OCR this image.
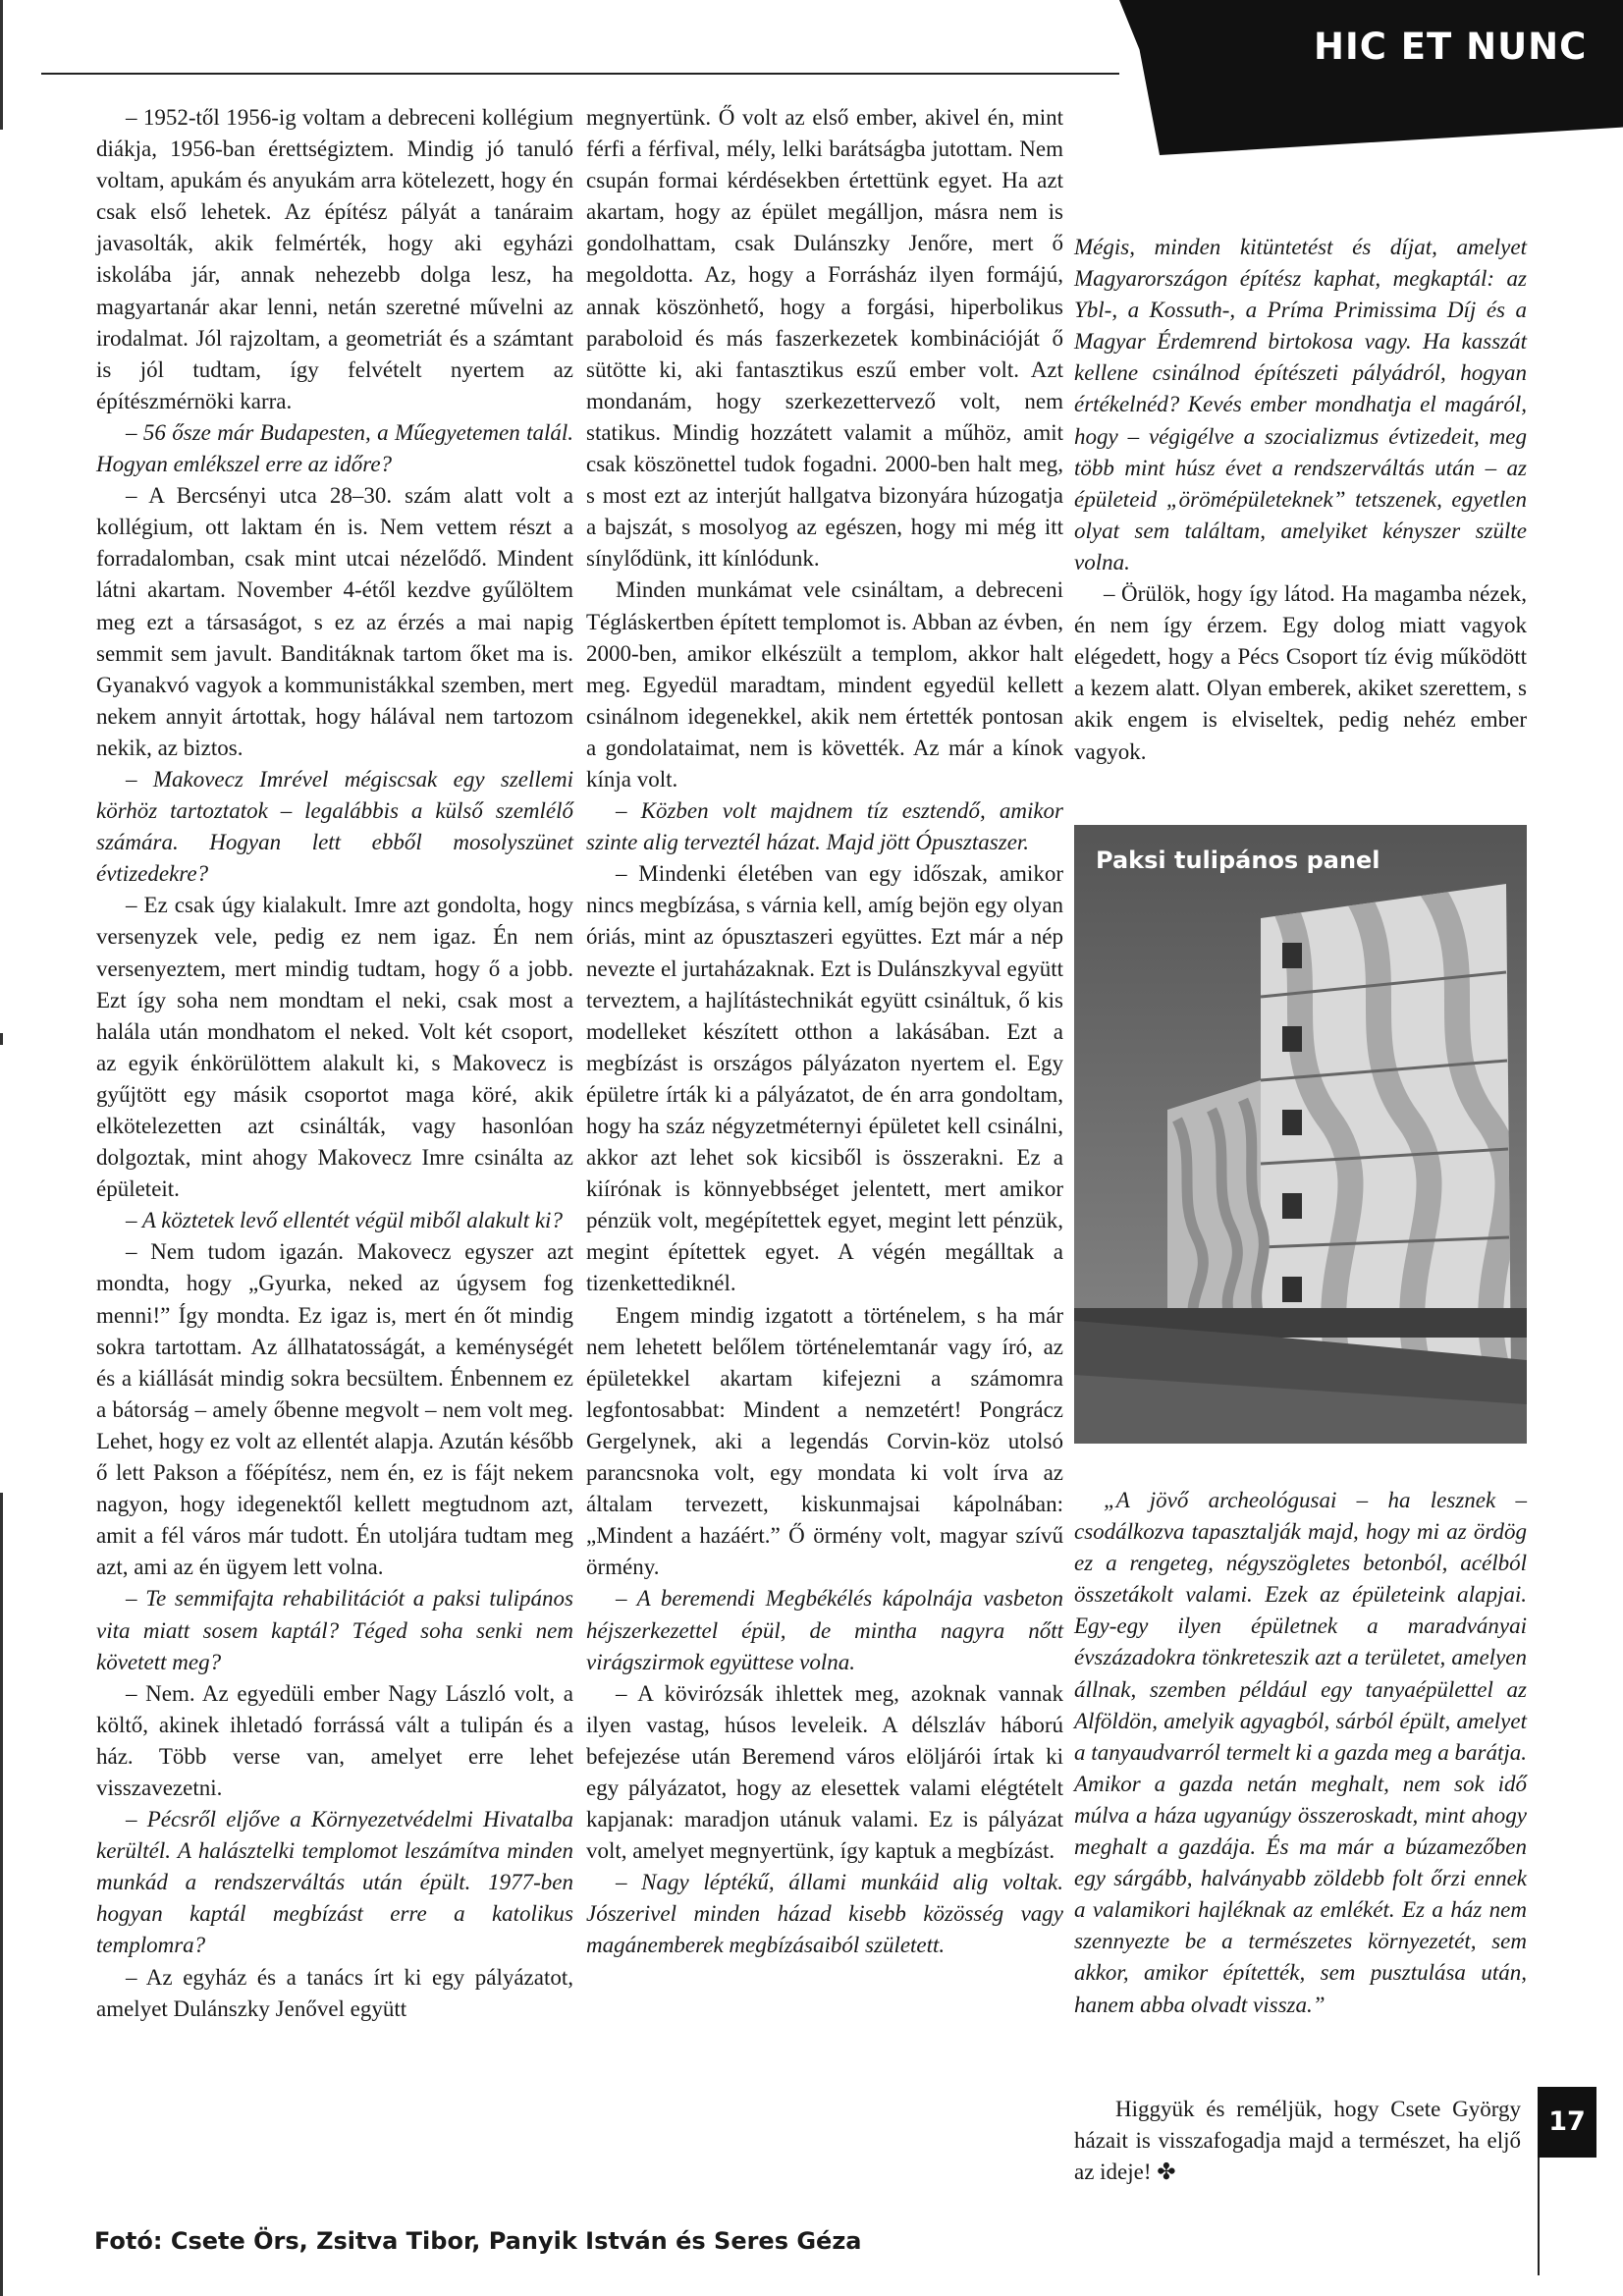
HIC ET NUNC

– 1952-től 1956-ig voltam a debreceni kollégium diákja, 1956-ban érettségiztem. Mindig jó tanuló voltam, apukám és anyukám arra kötelezett, hogy én csak első lehetek. Az építész pályát a tanáraim javasolták, akik felmérték, hogy aki egyházi iskolába jár, annak nehezebb dolga lesz, ha magyartanár akar lenni, netán szeretné művelni az irodalmat. Jól rajzoltam, a geometriát és a számtant is jól tudtam, így felvételt nyertem az építészmérnöki karra.

– 56 ősze már Budapesten, a Műegyetemen talál. Hogyan emlékszel erre az időre?

– A Bercsényi utca 28–30. szám alatt volt a kollégium, ott laktam én is. Nem vettem részt a forradalomban, csak mint utcai nézelődő. Mindent látni akartam. November 4-étől kezdve gyűlöltem meg ezt a társaságot, s ez az érzés a mai napig semmit sem javult. Banditáknak tartom őket ma is. Gyanakvó vagyok a kommunistákkal szemben, mert nekem annyit ártottak, hogy hálával nem tartozom nekik, az biztos.

– Makovecz Imrével mégiscsak egy szellemi körhöz tartoztatok – legalábbis a külső szemlélő számára. Hogyan lett ebből mosolyszünet évtizedekre?

– Ez csak úgy kialakult. Imre azt gondolta, hogy versenyzek vele, pedig ez nem igaz. Én nem versenyeztem, mert mindig tudtam, hogy ő a jobb. Ezt így soha nem mondtam el neki, csak most a halála után mondhatom el neked. Volt két csoport, az egyik énkörülöttem alakult ki, s Makovecz is gyűjtött egy másik csoportot maga köré, akik elkötelezetten azt csinálták, vagy hasonlóan dolgoztak, mint ahogy Makovecz Imre csinálta az épületeit.

– A köztetek levő ellentét végül miből alakult ki?

– Nem tudom igazán. Makovecz egyszer azt mondta, hogy „Gyurka, neked az úgysem fog menni!” Így mondta. Ez igaz is, mert én őt mindig sokra tartottam. Az állhatatosságát, a keménységét és a kiállását mindig sokra becsültem. Énbennem ez a bátorság – amely őbenne megvolt – nem volt meg. Lehet, hogy ez volt az ellentét alapja. Azután később ő lett Pakson a főépítész, nem én, ez is fájt nekem nagyon, hogy idegenektől kellett megtudnom azt, amit a fél város már tudott. Én utoljára tudtam meg azt, ami az én ügyem lett volna.

– Te semmifajta rehabilitációt a paksi tulipános vita miatt sosem kaptál? Téged soha senki nem követett meg?

– Nem. Az egyedüli ember Nagy László volt, a költő, akinek ihletadó forrássá vált a tulipán és a ház. Több verse van, amelyet erre lehet visszavezetni.

– Pécsről eljőve a Környezetvédelmi Hivatalba kerültél. A halásztelki templomot leszámítva minden munkád a rendszerváltás után épült. 1977-ben hogyan kaptál megbízást erre a katolikus templomra?

– Az egyház és a tanács írt ki egy pályázatot, amelyet Dulánszky Jenővel együtt

megnyertünk. Ő volt az első ember, akivel én, mint férfi a férfival, mély, lelki barátságba jutottam. Nem csupán formai kérdésekben értettünk egyet. Ha azt akartam, hogy az épület megálljon, másra nem is gondolhattam, csak Dulánszky Jenőre, mert ő megoldotta. Az, hogy a Forrásház ilyen formájú, annak köszönhető, hogy a forgási, hiperbolikus paraboloid és más faszerkezetek kombinációját ő sütötte ki, aki fantasztikus eszű ember volt. Azt mondanám, hogy szerkezettervező volt, nem statikus. Mindig hozzátett valamit a műhöz, amit csak köszönettel tudok fogadni. 2000-ben halt meg, s most ezt az interjút hallgatva bizonyára húzogatja a bajszát, s mosolyog az egészen, hogy mi még itt sínylődünk, itt kínlódunk.

Minden munkámat vele csináltam, a debreceni Tégláskertben épített templomot is. Abban az évben, 2000-ben, amikor elkészült a templom, akkor halt meg. Egyedül maradtam, mindent egyedül kellett csinálnom idegenekkel, akik nem értették pontosan a gondolataimat, nem is követték. Az már a kínok kínja volt.

– Közben volt majdnem tíz esztendő, amikor szinte alig terveztél házat. Majd jött Ópusztaszer.

– Mindenki életében van egy időszak, amikor nincs megbízása, s várnia kell, amíg bejön egy olyan óriás, mint az ópusztaszeri együttes. Ezt már a nép nevezte el jurtaházaknak. Ezt is Dulánszkyval együtt terveztem, a hajlítástechnikát együtt csináltuk, ő kis modelleket készített otthon a lakásában. Ezt a megbízást is országos pályázaton nyertem el. Egy épületre írták ki a pályázatot, de én arra gondoltam, hogy ha száz négyzetméternyi épületet kell csinálni, akkor azt lehet sok kicsiből is összerakni. Ez a kiírónak is könnyebbséget jelentett, mert amikor pénzük volt, megépítettek egyet, megint lett pénzük, megint építettek egyet. A végén megálltak a tizenkettediknél.

Engem mindig izgatott a történelem, s ha már nem lehetett belőlem történelemtanár vagy író, az épületekkel akartam kifejezni a számomra legfontosabbat: Mindent a nemzetért! Pongrácz Gergelynek, aki a legendás Corvin-köz utolsó parancsnoka volt, egy mondata ki volt írva az általam tervezett, kiskunmajsai kápolnában: „Mindent a hazáért.” Ő örmény volt, magyar szívű örmény.

– A beremendi Megbékélés kápolnája vasbeton héjszerkezettel épül, de mintha nagyra nőtt virágszirmok együttese volna.

– A kövirózsák ihlettek meg, azoknak vannak ilyen vastag, húsos leveleik. A délszláv háború befejezése után Beremend város elöljárói írtak ki egy pályázatot, hogy az elesettek valami elégtételt kapjanak: maradjon utánuk valami. Ez is pályázat volt, amelyet megnyertünk, így kaptuk a megbízást.

– Nagy léptékű, állami munkáid alig voltak. Jószerivel minden házad kisebb közösség vagy magánemberek megbízásaiból született.

Mégis, minden kitüntetést és díjat, amelyet Magyarországon építész kaphat, megkaptál: az Ybl-, a Kossuth-, a Príma Primissima Díj és a Magyar Érdemrend birtokosa vagy. Ha kasszát kellene csinálnod építészeti pályádról, hogyan értékelnéd? Kevés ember mondhatja el magáról, hogy – végigélve a szocializmus évtizedeit, meg több mint húsz évet a rendszerváltás után – az épületeid „örömépületeknek” tetszenek, egyetlen olyat sem találtam, amelyiket kényszer szülte volna.

– Örülök, hogy így látod. Ha magamba nézek, én nem így érzem. Egy dolog miatt vagyok elégedett, hogy a Pécs Csoport tíz évig működött a kezem alatt. Olyan emberek, akiket szerettem, s akik engem is elviseltek, pedig nehéz ember vagyok.

Paksi tulipános panel

„A jövő archeológusai – ha lesznek – csodálkozva tapasztalják majd, hogy mi az ördög ez a rengeteg, négyszögletes betonból, acélból összetákolt valami. Ezek az épületeink alapjai. Egy-egy ilyen épületnek a maradványai évszázadokra tönkreteszik azt a területet, amelyen állnak, szemben például egy tanyaépülettel az Alföldön, amelyik agyagból, sárból épült, amelyet a tanyaudvarról termelt ki a gazda meg a barátja. Amikor a gazda netán meghalt, nem sok idő múlva a háza ugyanúgy összeroskadt, mint ahogy meghalt a gazdája. És ma már a búzamezőben egy sárgább, halványabb zöldebb folt őrzi ennek a valamikori hajléknak az emlékét. Ez a ház nem szennyezte be a természetes környezetét, sem akkor, amikor építették, sem pusztulása után, hanem abba olvadt vissza.”

Higgyük és reméljük, hogy Csete György házait is visszafogadja majd a természet, ha eljő az ideje! ✤

17

Fotó: Csete Örs, Zsitva Tibor, Panyik István és Seres Géza
